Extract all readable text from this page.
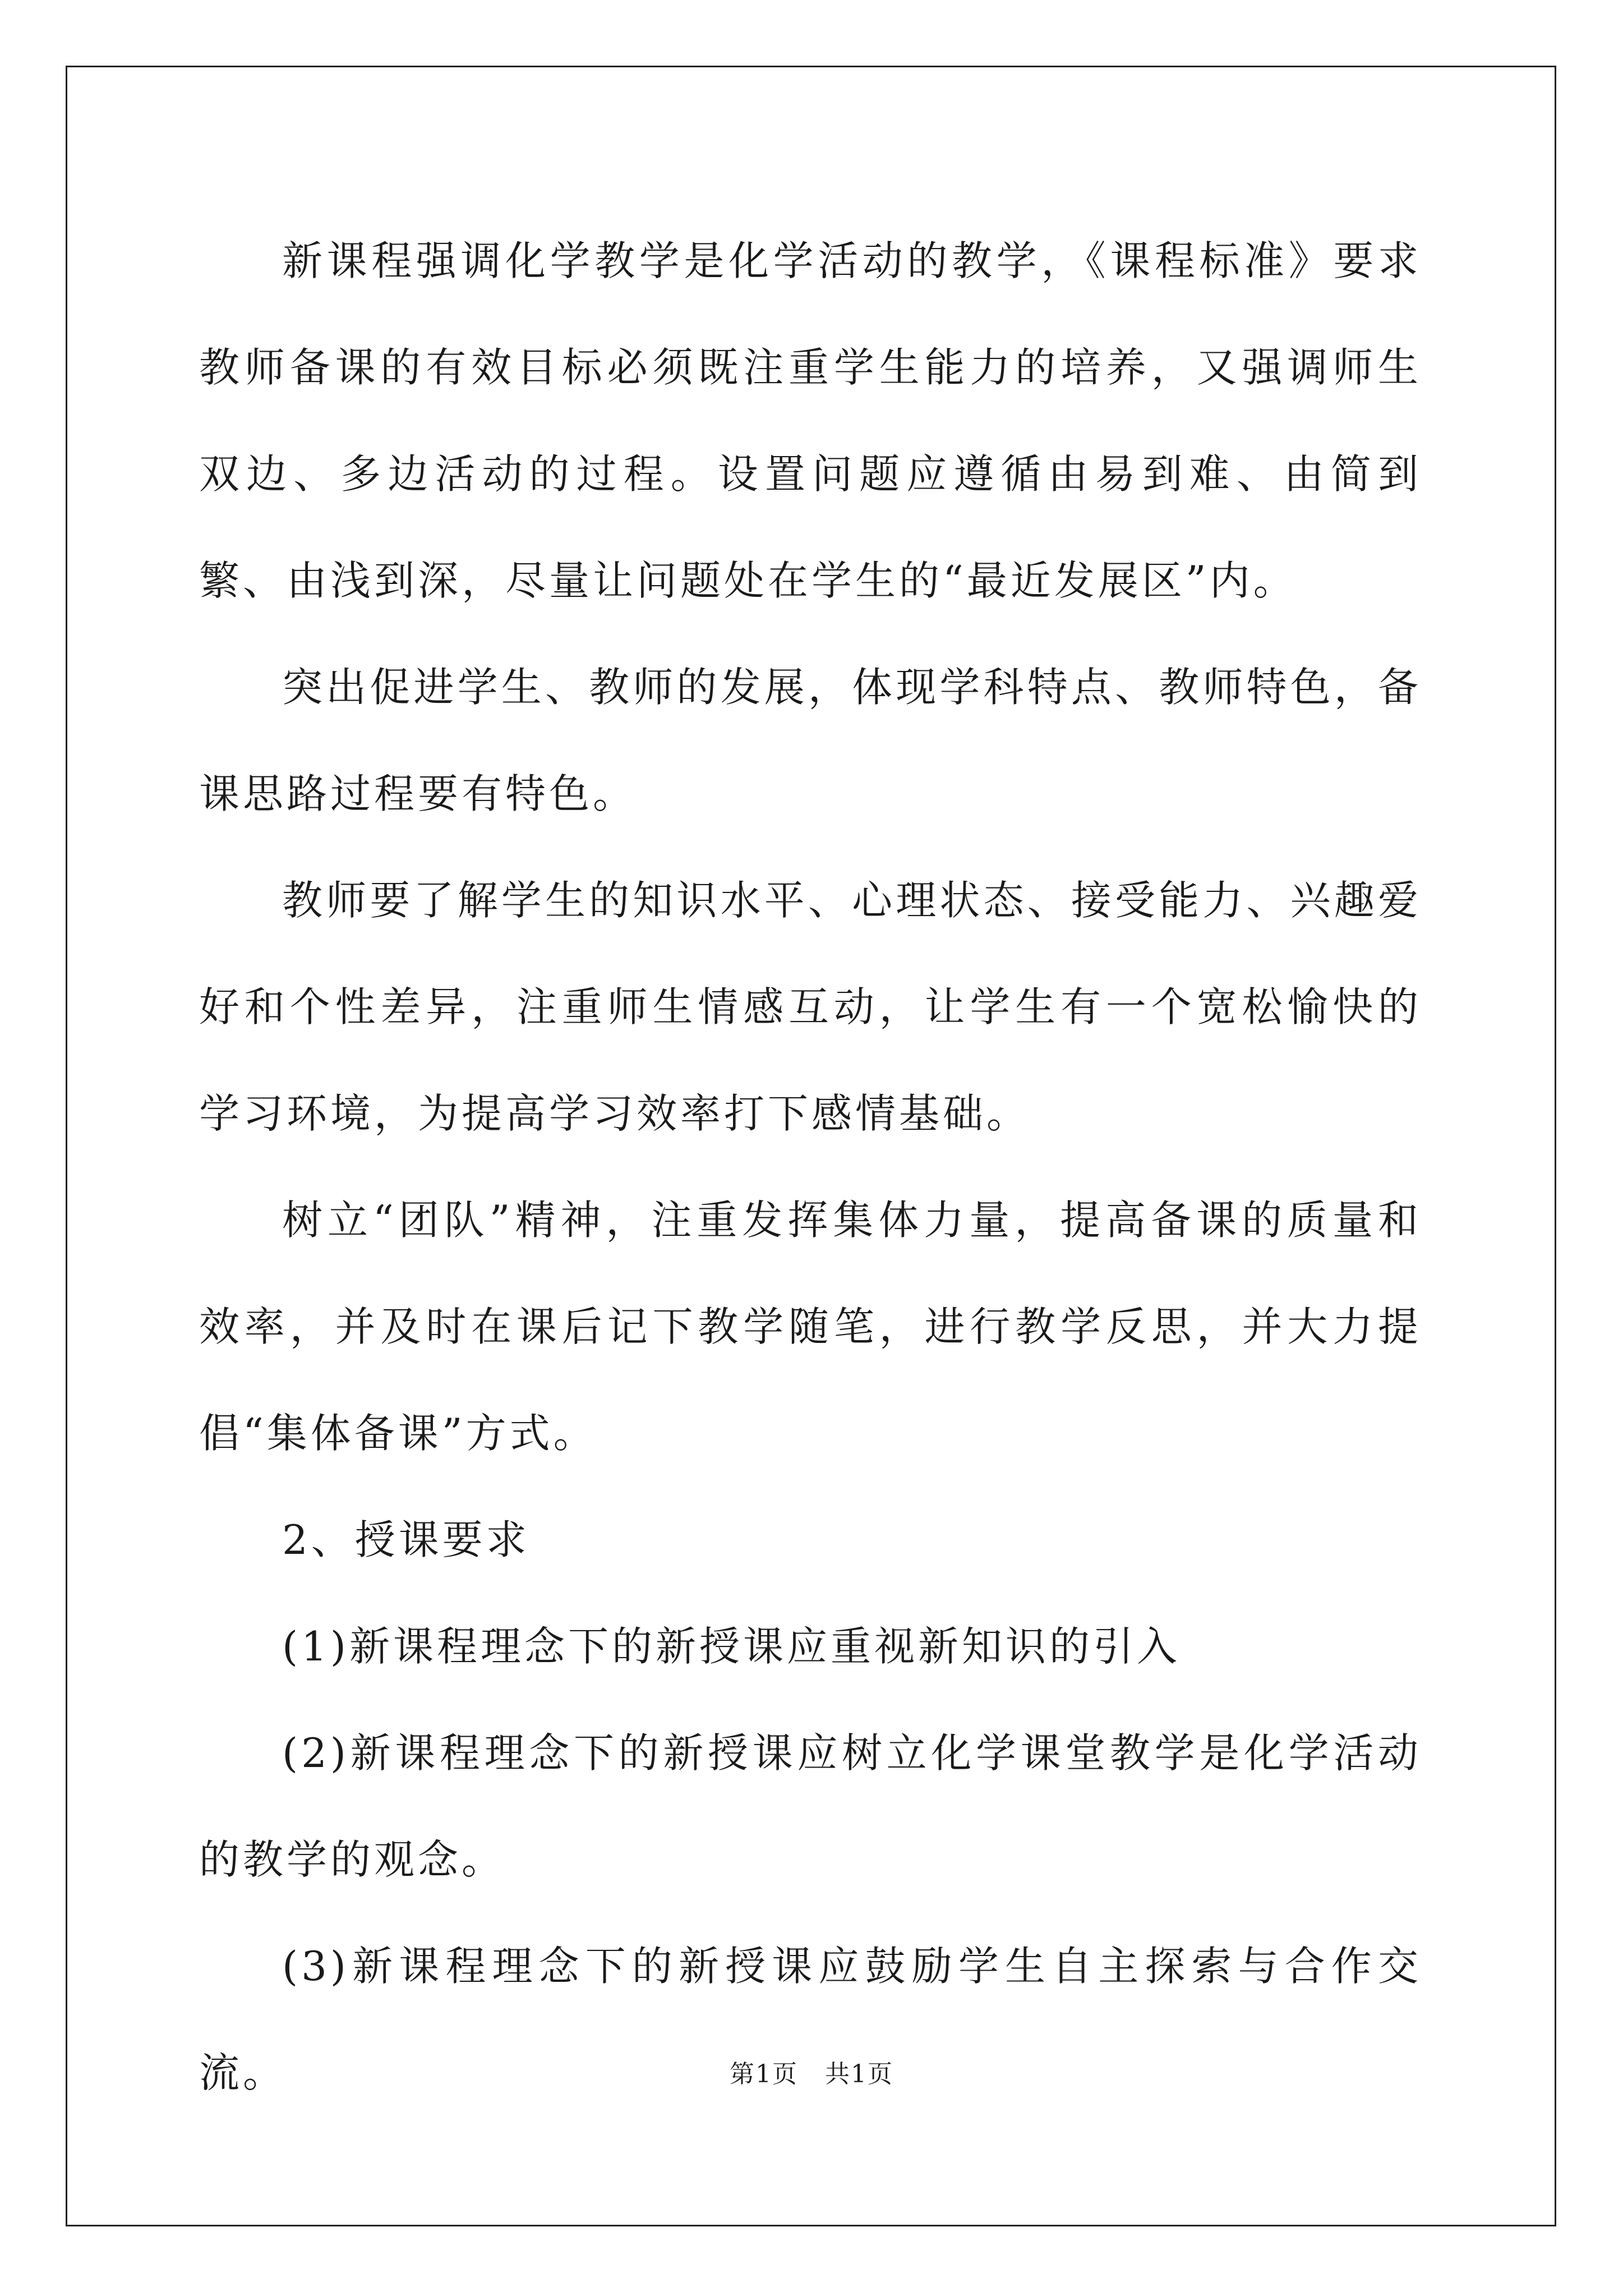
新课程强调化学教学是化学活动的教学，《课程标准》要求教师备课的有效目标必须既注重学生能力的培养，又强调师生双边、多边活动的过程。设置问题应遵循由易到难、由简到繁、由浅到深，尽量让问题处在学生的“最近发展区”内。

突出促进学生、教师的发展，体现学科特点、教师特色，备课思路过程要有特色。

教师要了解学生的知识水平、心理状态、接受能力、兴趣爱好和个性差异，注重师生情感互动，让学生有一个宽松愉快的学习环境，为提高学习效率打下感情基础。

树立“团队”精神，注重发挥集体力量，提高备课的质量和效率，并及时在课后记下教学随笔，进行教学反思，并大力提倡“集体备课”方式。

2、授课要求

(1)新课程理念下的新授课应重视新知识的引入

(2)新课程理念下的新授课应树立化学课堂教学是化学活动的教学的观念。

(3)新课程理念下的新授课应鼓励学生自主探索与合作交流。	第1页 共1页
